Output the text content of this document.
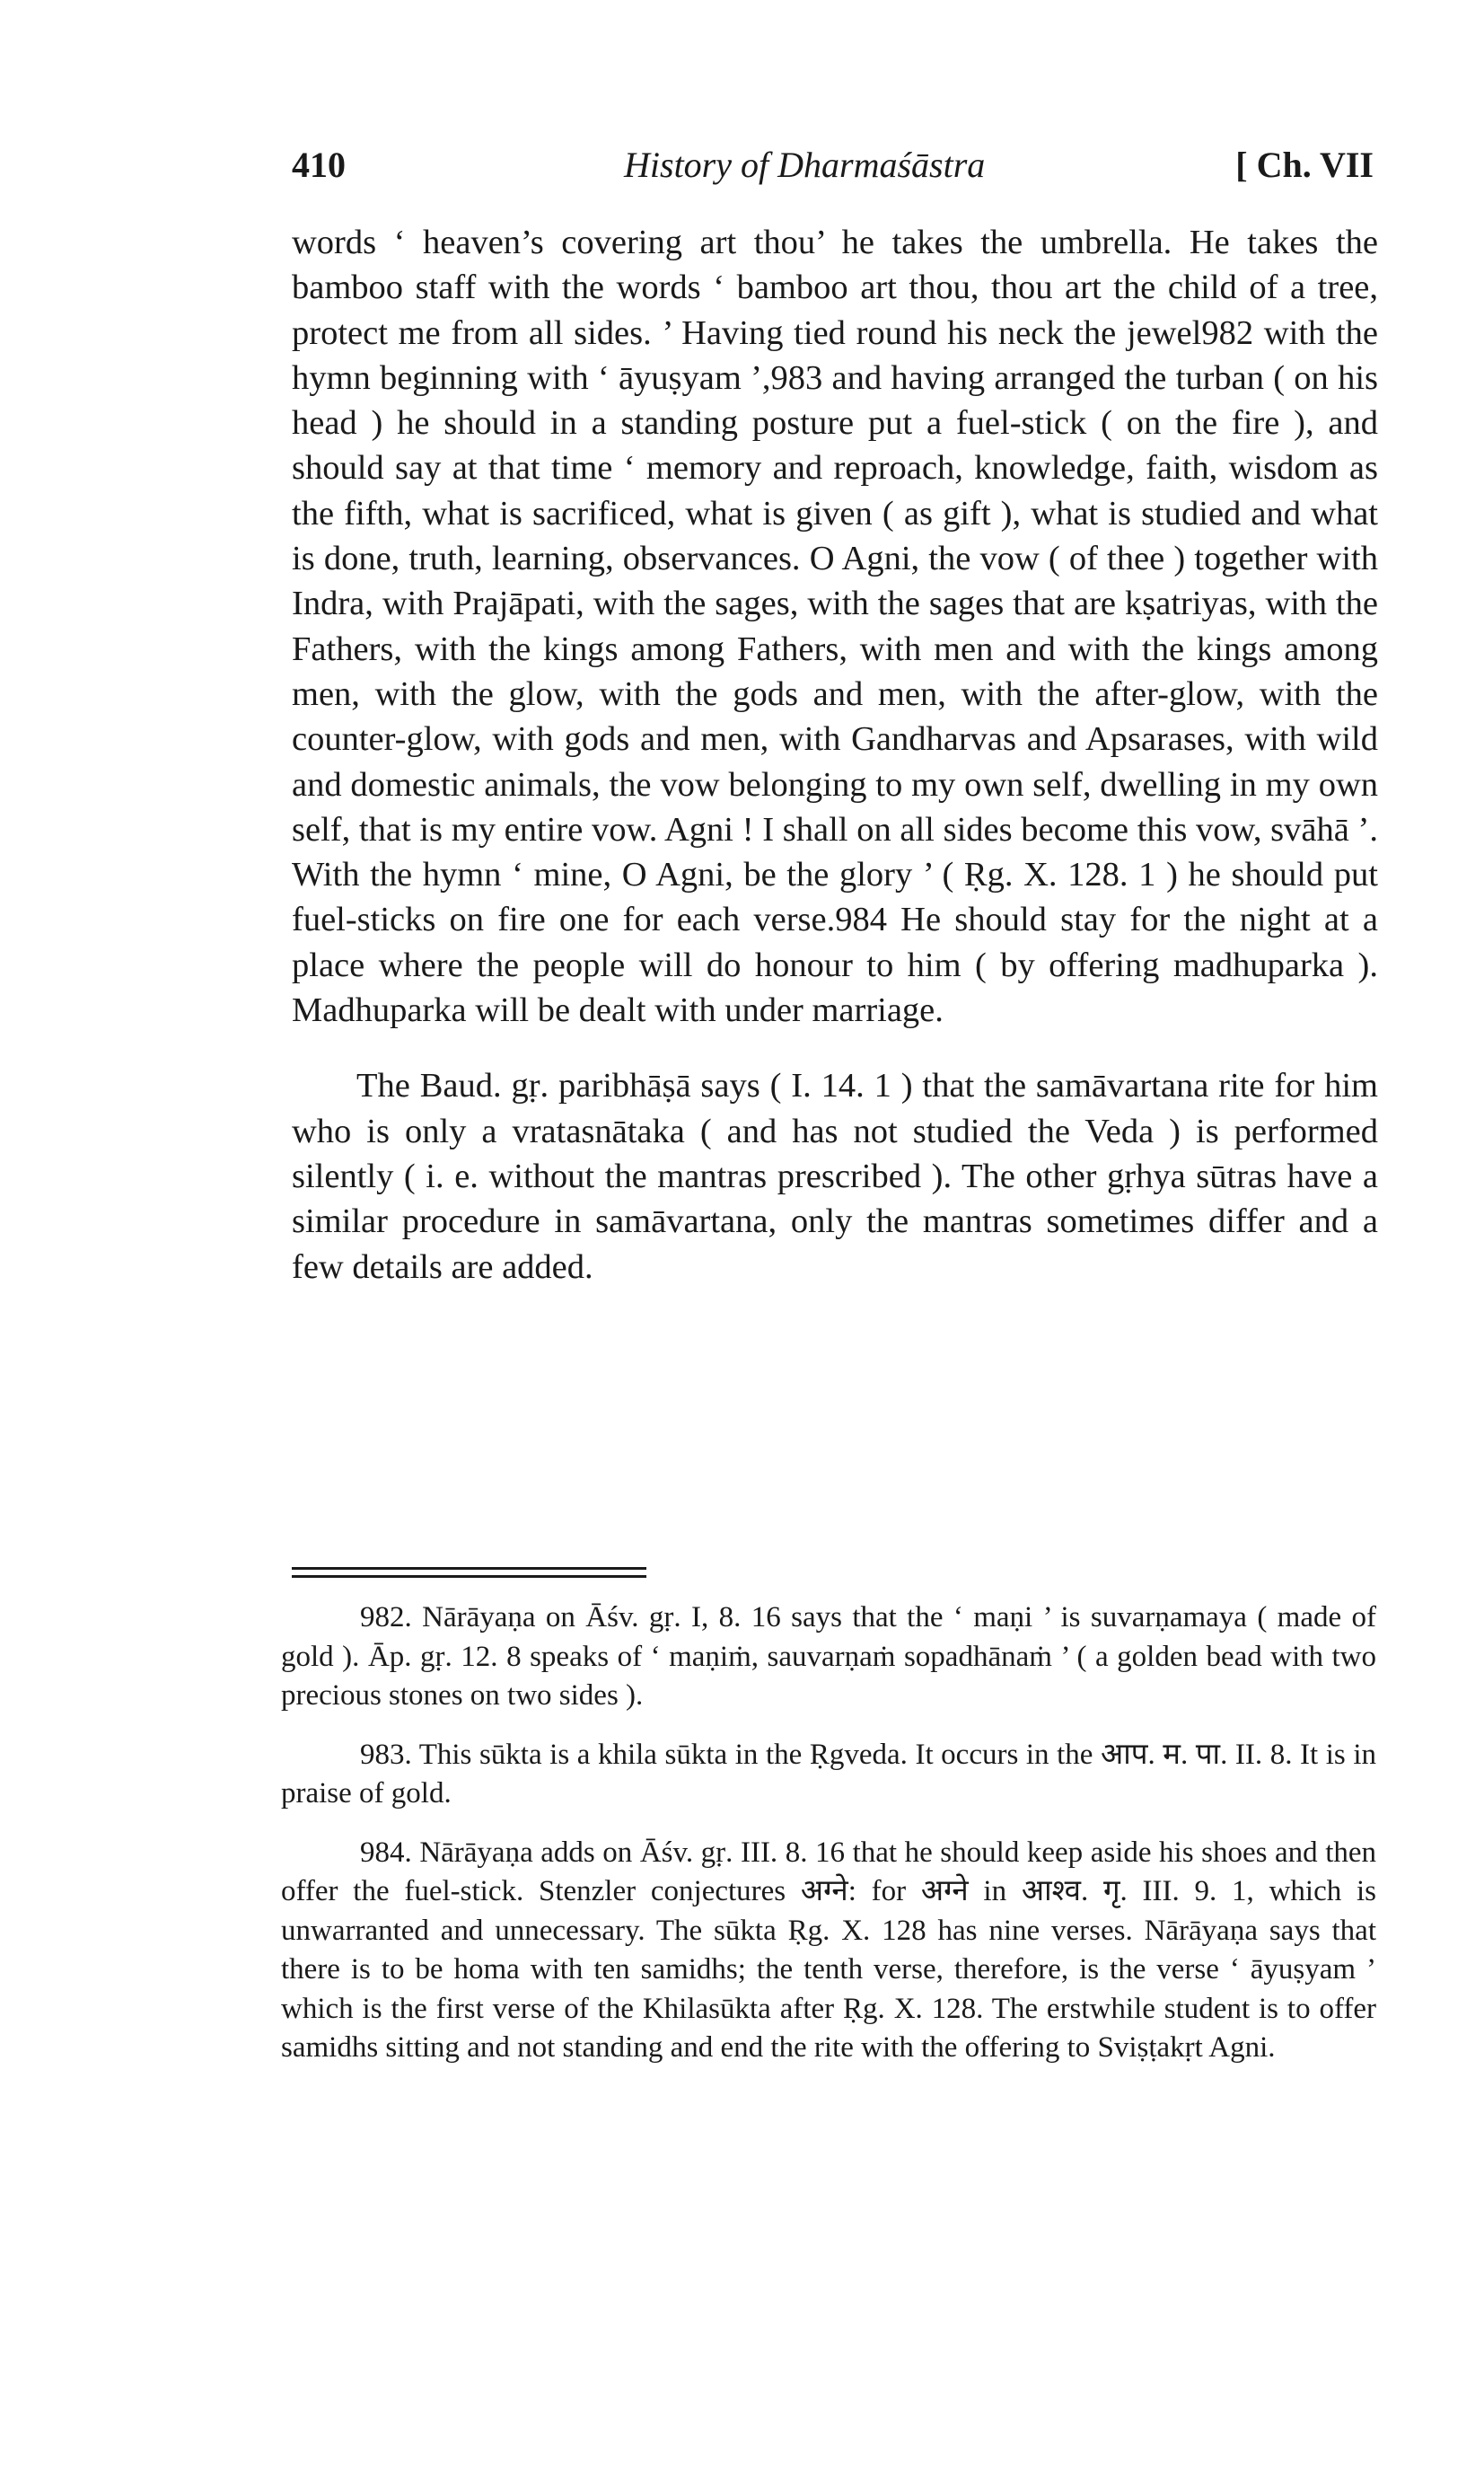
410	History of Dharmaśāstra	[ Ch. VII

words ‘ heaven’s covering art thou’ he takes the umbrella. He takes the bamboo staff with the words ‘ bamboo art thou, thou art the child of a tree, protect me from all sides. ’ Having tied round his neck the jewel982 with the hymn beginning with ‘ āyuṣyam ’,983 and having arranged the turban ( on his head ) he should in a standing posture put a fuel-stick ( on the fire ), and should say at that time ‘ memory and reproach, knowledge, faith, wisdom as the fifth, what is sacrificed, what is given ( as gift ), what is studied and what is done, truth, learning, observances. O Agni, the vow ( of thee ) together with Indra, with Prajāpati, with the sages, with the sages that are kṣatriyas, with the Fathers, with the kings among Fathers, with men and with the kings among men, with the glow, with the gods and men, with the after-glow, with the counter-glow, with gods and men, with Gandharvas and Apsarases, with wild and domestic animals, the vow belonging to my own self, dwelling in my own self, that is my entire vow. Agni ! I shall on all sides become this vow, svāhā ’. With the hymn ‘ mine, O Agni, be the glory ’ ( Ṛg. X. 128. 1 ) he should put fuel-sticks on fire one for each verse.984 He should stay for the night at a place where the people will do honour to him ( by offering madhuparka ). Madhuparka will be dealt with under marriage.

The Baud. gṛ. paribhāṣā says ( I. 14. 1 ) that the samāvartana rite for him who is only a vratasnātaka ( and has not studied the Veda ) is performed silently ( i. e. without the mantras prescribed ). The other gṛhya sūtras have a similar procedure in samāvartana, only the mantras sometimes differ and a few details are added.

982. Nārāyaṇa on Āśv. gṛ. I, 8. 16 says that the ‘ maṇi ’ is suvarṇamaya ( made of gold ). Āp. gṛ. 12. 8 speaks of ‘ maṇiṁ, sauvarṇaṁ sopadhānaṁ ’ ( a golden bead with two precious stones on two sides ).

983. This sūkta is a khila sūkta in the Ṛgveda. It occurs in the आप. म. पा. II. 8. It is in praise of gold.

984. Nārāyaṇa adds on Āśv. gṛ. III. 8. 16 that he should keep aside his shoes and then offer the fuel-stick. Stenzler conjectures अग्ने: for अग्ने in आश्व. गृ. III. 9. 1, which is unwarranted and unnecessary. The sūkta Ṛg. X. 128 has nine verses. Nārāyaṇa says that there is to be homa with ten samidhs; the tenth verse, therefore, is the verse ‘ āyuṣyam ’ which is the first verse of the Khilasūkta after Ṛg. X. 128. The erstwhile student is to offer samidhs sitting and not standing and end the rite with the offering to Sviṣṭakṛt Agni.
